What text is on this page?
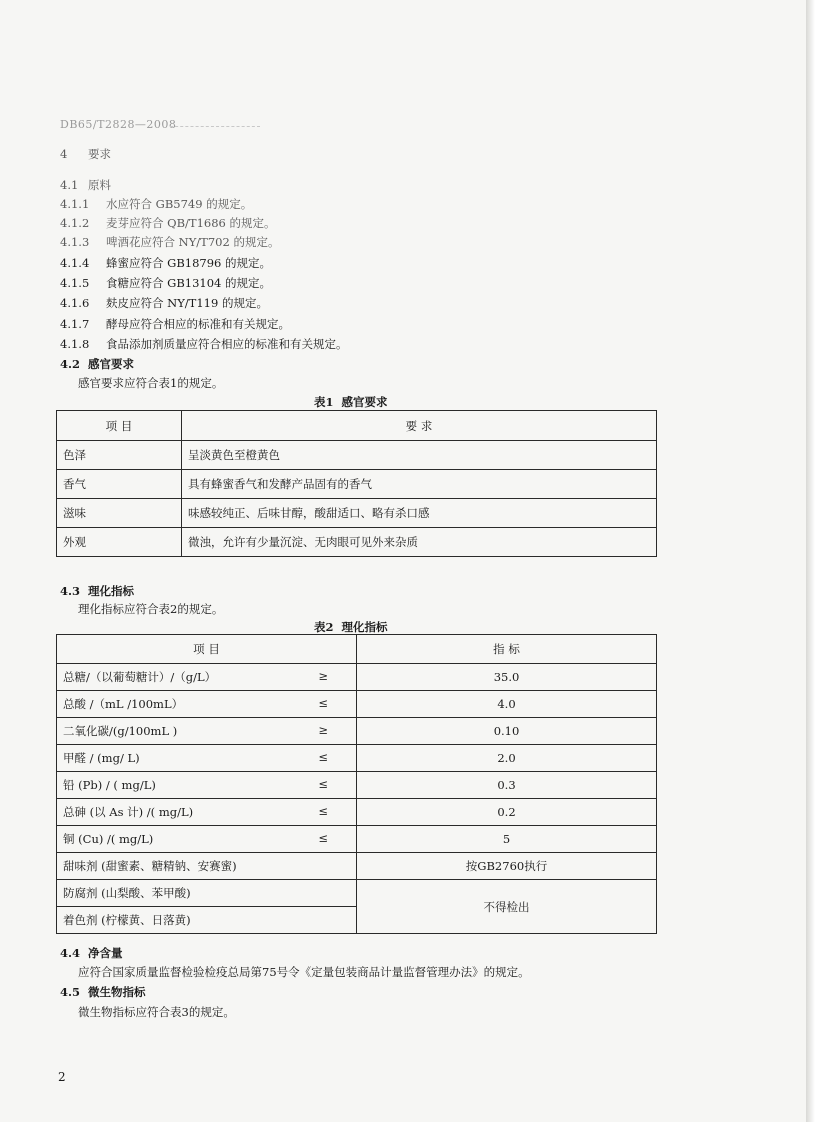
DB65/T2828—2008
4 要求
4.1 原料
4.1.1 水应符合 GB5749 的规定。
4.1.2 麦芽应符合 QB/T1686 的规定。
4.1.3 啤酒花应符合 NY/T702 的规定。
4.1.4 蜂蜜应符合 GB18796 的规定。
4.1.5 食糖应符合 GB13104 的规定。
4.1.6 麸皮应符合 NY/T119 的规定。
4.1.7 酵母应符合相应的标准和有关规定。
4.1.8 食品添加剂质量应符合相应的标准和有关规定。
4.2 感官要求
感官要求应符合表1的规定。
表1 感官要求
项 目	要 求
色泽	呈淡黄色至橙黄色
香气	具有蜂蜜香气和发酵产品固有的香气
滋味	味感较纯正、后味甘醇，酸甜适口、略有杀口感
外观	微浊，允许有少量沉淀、无肉眼可见外来杂质
4.3 理化指标
理化指标应符合表2的规定。
表2 理化指标
项 目	指 标
总糖/（以葡萄糖计）/（g/L） ≥	35.0
总酸 /（mL /100mL） ≤	4.0
二氧化碳/(g/100mL ) ≥	0.10
甲醛 / (mg/ L) ≤	2.0
铅 (Pb) / ( mg/L) ≤	0.3
总砷 (以 As 计) /( mg/L) ≤	0.2
铜 (Cu) /( mg/L) ≤	5
甜味剂 (甜蜜素、糖精钠、安赛蜜)	按GB2760执行
防腐剂 (山梨酸、苯甲酸)	不得检出
着色剂 (柠檬黄、日落黄)	
4.4 净含量
应符合国家质量监督检验检疫总局第75号令《定量包装商品计量监督管理办法》的规定。
4.5 微生物指标
微生物指标应符合表3的规定。
2
